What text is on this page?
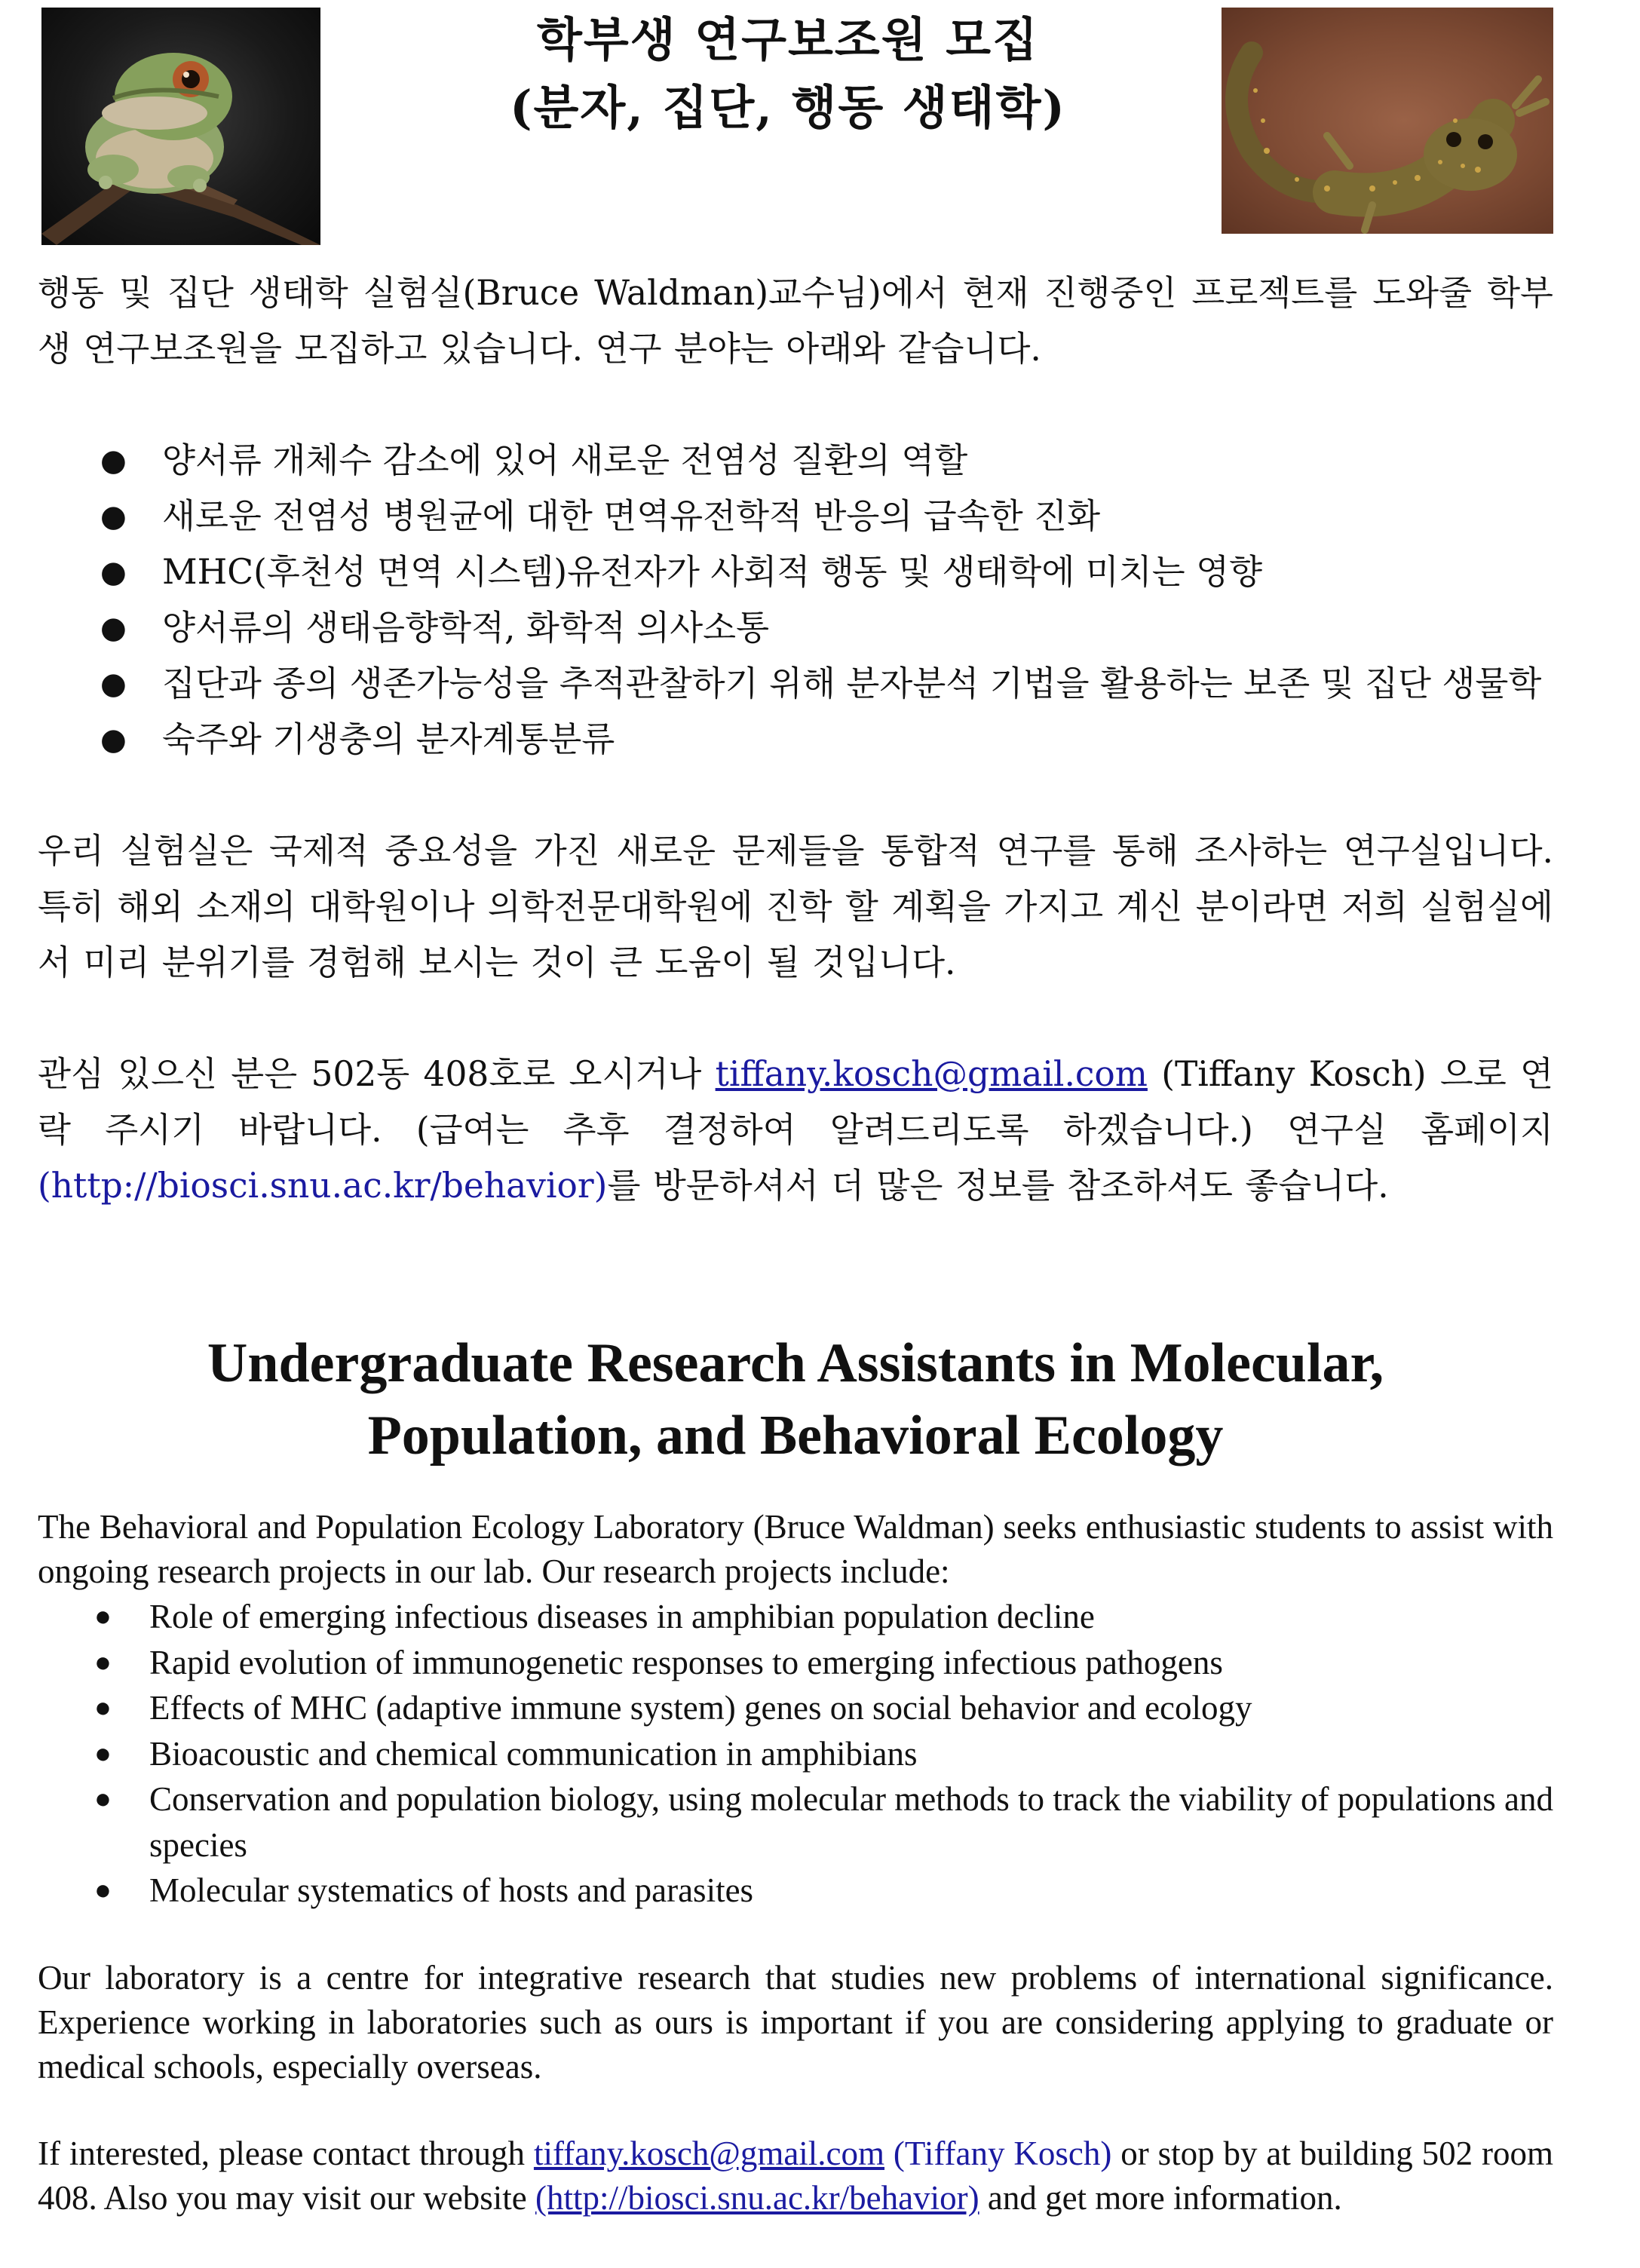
학부생 연구보조원 모집
(분자, 집단, 행동 생태학)

행동 및 집단 생태학 실험실(Bruce Waldman)교수님)에서 현재 진행중인 프로젝트를 도와줄 학부생 연구보조원을 모집하고 있습니다. 연구 분야는 아래와 같습니다.

● 양서류 개체수 감소에 있어 새로운 전염성 질환의 역할
● 새로운 전염성 병원균에 대한 면역유전학적 반응의 급속한 진화
● MHC(후천성 면역 시스템)유전자가 사회적 행동 및 생태학에 미치는 영향
● 양서류의 생태음향학적, 화학적 의사소통
● 집단과 종의 생존가능성을 추적관찰하기 위해 분자분석 기법을 활용하는 보존 및 집단 생물학
● 숙주와 기생충의 분자계통분류

우리 실험실은 국제적 중요성을 가진 새로운 문제들을 통합적 연구를 통해 조사하는 연구실입니다. 특히 해외 소재의 대학원이나 의학전문대학원에 진학 할 계획을 가지고 계신 분이라면 저희 실험실에서 미리 분위기를 경험해 보시는 것이 큰 도움이 될 것입니다.

관심 있으신 분은 502동 408호로 오시거나 tiffany.kosch@gmail.com (Tiffany Kosch) 으로 연락 주시기 바랍니다. (급여는 추후 결정하여 알려드리도록 하겠습니다.) 연구실 홈페이지(http://biosci.snu.ac.kr/behavior)를 방문하셔서 더 많은 정보를 참조하셔도 좋습니다.

Undergraduate Research Assistants in Molecular,
Population, and Behavioral Ecology

The Behavioral and Population Ecology Laboratory (Bruce Waldman) seeks enthusiastic students to assist with ongoing research projects in our lab. Our research projects include:

● Role of emerging infectious diseases in amphibian population decline
● Rapid evolution of immunogenetic responses to emerging infectious pathogens
● Effects of MHC (adaptive immune system) genes on social behavior and ecology
● Bioacoustic and chemical communication in amphibians
● Conservation and population biology, using molecular methods to track the viability of populations and species
● Molecular systematics of hosts and parasites

Our laboratory is a centre for integrative research that studies new problems of international significance. Experience working in laboratories such as ours is important if you are considering applying to graduate or medical schools, especially overseas.

If interested, please contact through tiffany.kosch@gmail.com (Tiffany Kosch) or stop by at building 502 room 408. Also you may visit our website (http://biosci.snu.ac.kr/behavior) and get more information.
